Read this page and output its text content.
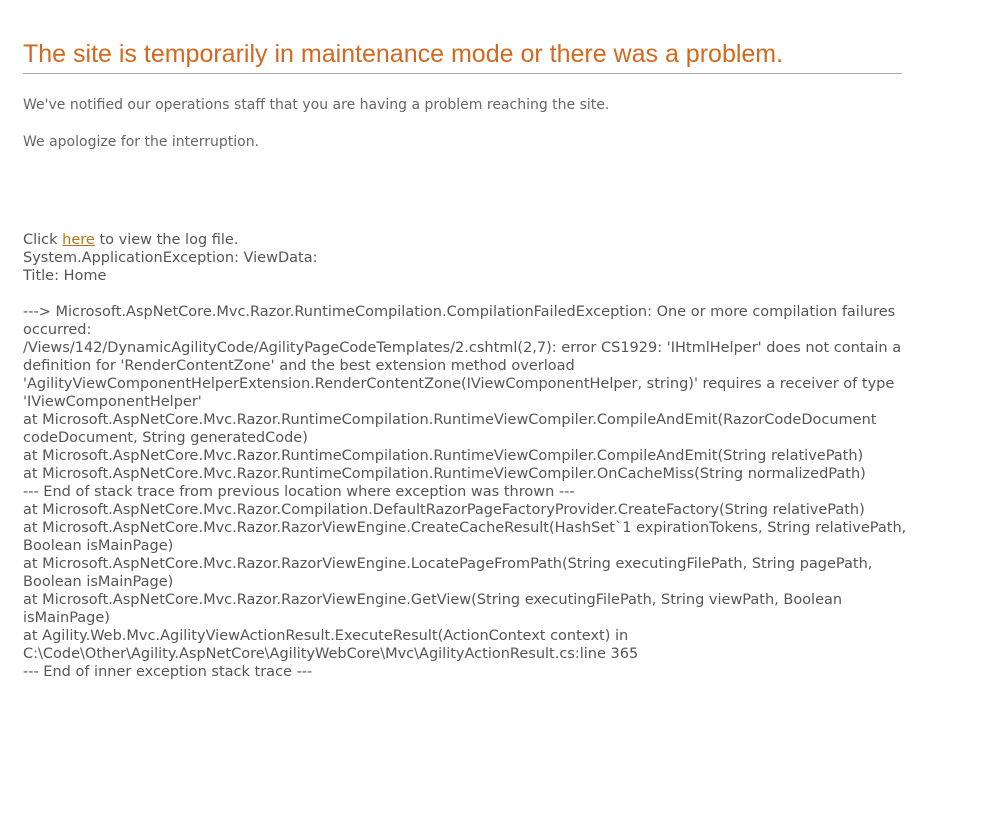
The site is temporarily in maintenance mode or there was a problem.

We've notified our operations staff that you are having a problem reaching the site.

We apologize for the interruption.

Click here to view the log file.
System.ApplicationException: ViewData:
Title: Home
---> Microsoft.AspNetCore.Mvc.Razor.RuntimeCompilation.CompilationFailedException: One or more compilation failures occurred:
/Views/142/DynamicAgilityCode/AgilityPageCodeTemplates/2.cshtml(2,7): error CS1929: 'IHtmlHelper' does not contain a definition for 'RenderContentZone' and the best extension method overload 'AgilityViewComponentHelperExtension.RenderContentZone(IViewComponentHelper, string)' requires a receiver of type 'IViewComponentHelper'
at Microsoft.AspNetCore.Mvc.Razor.RuntimeCompilation.RuntimeViewCompiler.CompileAndEmit(RazorCodeDocument codeDocument, String generatedCode)
at Microsoft.AspNetCore.Mvc.Razor.RuntimeCompilation.RuntimeViewCompiler.CompileAndEmit(String relativePath)
at Microsoft.AspNetCore.Mvc.Razor.RuntimeCompilation.RuntimeViewCompiler.OnCacheMiss(String normalizedPath)
--- End of stack trace from previous location where exception was thrown ---
at Microsoft.AspNetCore.Mvc.Razor.Compilation.DefaultRazorPageFactoryProvider.CreateFactory(String relativePath)
at Microsoft.AspNetCore.Mvc.Razor.RazorViewEngine.CreateCacheResult(HashSet`1 expirationTokens, String relativePath, Boolean isMainPage)
at Microsoft.AspNetCore.Mvc.Razor.RazorViewEngine.LocatePageFromPath(String executingFilePath, String pagePath, Boolean isMainPage)
at Microsoft.AspNetCore.Mvc.Razor.RazorViewEngine.GetView(String executingFilePath, String viewPath, Boolean isMainPage)
at Agility.Web.Mvc.AgilityViewActionResult.ExecuteResult(ActionContext context) in C:\Code\Other\Agility.AspNetCore\AgilityWebCore\Mvc\AgilityActionResult.cs:line 365
--- End of inner exception stack trace ---
